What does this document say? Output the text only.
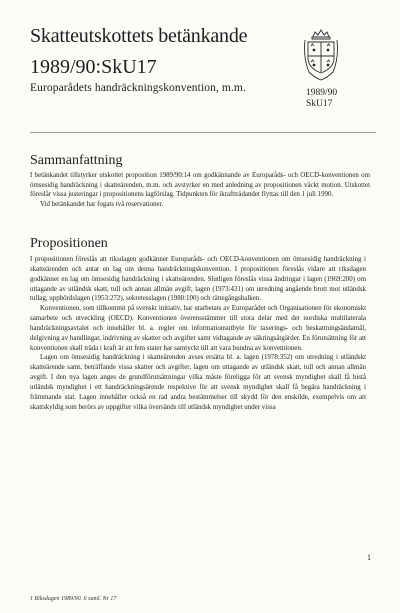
Skatteutskottets betänkande
1989/90:SkU17

Europarådets handräckningskonvention, m.m.	1989/90
SkU17
Sammanfattning

I betänkandet tillstyrker utskottet proposition 1989/90:14 om godkännande av Europaråds- och OECD-konventionen om ömsesidig handräckning i skatteärenden, m.m. och avstyrker en med anledning av propositionen väckt motion. Utskottet föreslår vissa justeringar i propositionens lagförslag. Tidpunkten för ikraftträdandet flyttas till den 1 juli 1990.

Vid betänkandet har fogats två reservationer.

Propositionen

I propositionen föreslås att riksdagen godkänner Europaråds- och OECD-konventionen om ömsesidig handräckning i skatteärenden och antar en lag om denna handräckningskonvention. I propositionen föreslås vidare att riksdagen godkänner en lag om ömsesidig handräckning i skatteärenden. Slutligen föreslås vissa ändringar i lagen (1969:200) om uttagande av utländsk skatt, tull och annan allmän avgift, lagen (1973:431) om utredning angående brott mot utländsk tullag, uppbördslagen (1953:272), sekretesslagen (1980:100) och rättegångsbalken.

Konventionen, som tillkommit på svenskt initiativ, har utarbetats av Europarådet och Organisationen för ekonomiskt samarbete och utveckling (OECD). Konventionen överensstämmer till stora delar med det nordiska multilaterala handräckningsavtalet och innehåller bl. a. regler om informationsutbyte för taxerings- och beskattningsändamål, delgivning av handlingar, indrivning av skatter och avgifter samt vidtagande av säkringsåtgärder. En förutsättning för att konventionen skall träda i kraft är att fem stater har samtyckt till att vara bundna av konventionen.

Lagen om ömsesidig handräckning i skatteärenden avses ersätta bl. a. lagen (1978:352) om utredning i utländskt skatteärende samt, beträffande vissa skatter och avgifter, lagen om uttagande av utländsk skatt, tull och annan allmän avgift. I den nya lagen anges de grundförutsättningar vilka måste föreligga för att svensk myndighet skall få bistå utländsk myndighet i ett handräckningsärende respektive för att svensk myndighet skall få begära handräckning i främmande stat. Lagen innehåller också en rad andra bestämmelser till skydd för den enskilde, exempelvis om att skattskyldig som berörs av uppgifter vilka översänds till utländsk myndighet under vissa

1
1 Riksdagen 1989/90. 6 saml. Nr 17
